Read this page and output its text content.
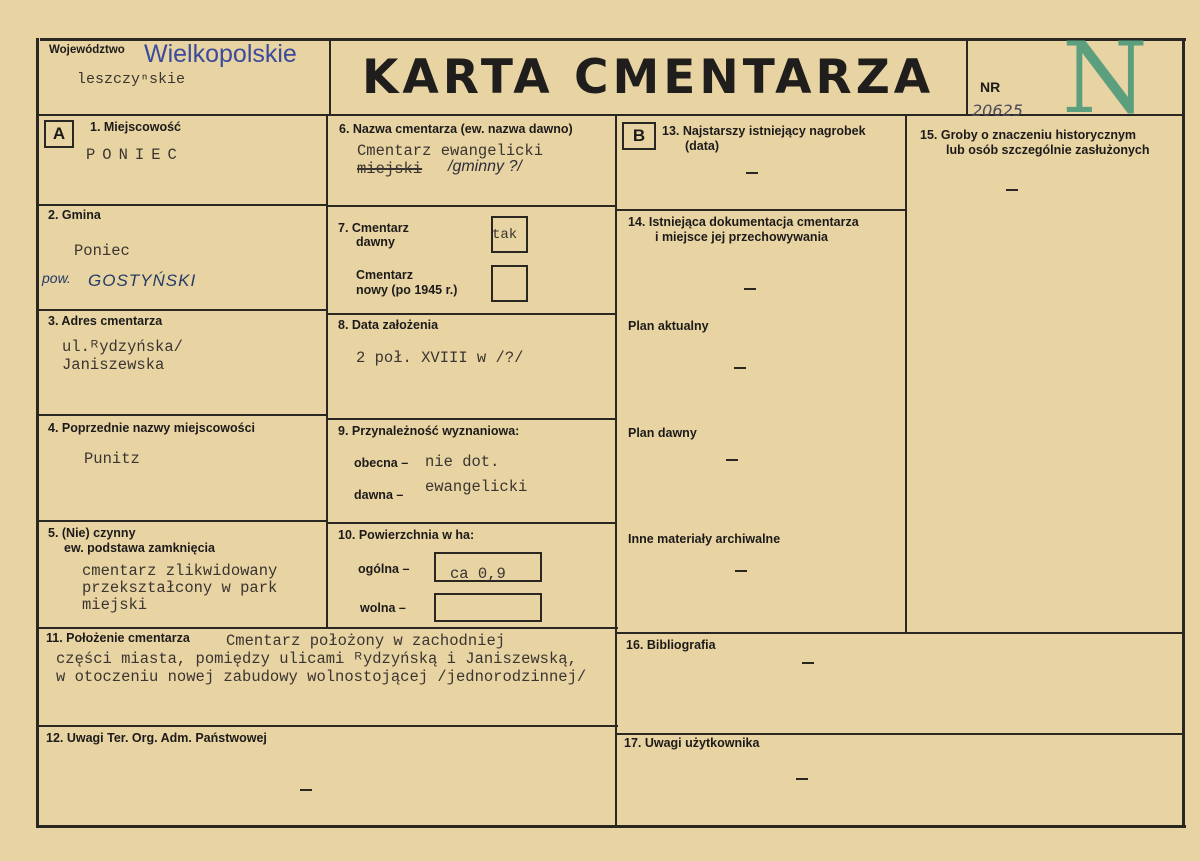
Województwo Wielkopolskie
leszczyⁿskie	KARTA CMENTARZA	NR
20625 N
A	B
1. Miejscowość
PONIEC
2. Gmina
Poniec
pow. GOSTYŃSKI
3. Adres cmentarza
ul.ᴿydzyńska/
Janiszewska
4. Poprzednie nazwy miejscowości
Punitz
5. (Nie) czynny
ew. podstawa zamknięcia
cmentarz zlikwidowany
przekształcony w park
miejski
6. Nazwa cmentarza (ew. nazwa dawno)
Cmentarz ewangelicki
miejski /gminny ?/
7. Cmentarz
dawny	tak
Cmentarz
nowy (po 1945 r.)
8. Data założenia
2 poł. XVIII w /?/
9. Przynależność wyznaniowa:
obecna – nie dot.
dawna – ewangelicki
10. Powierzchnia w ha:
ogólna –	ca 0,9
wolna –
11. Położenie cmentarza Cmentarz położony w zachodniej
części miasta, pomiędzy ulicami ᴿydzyńską i Janiszewską,
w otoczeniu nowej zabudowy wolnostojącej /jednorodzinnej/
12. Uwagi Ter. Org. Adm. Państwowej
13. Najstarszy istniejący nagrobek
(data)
14. Istniejąca dokumentacja cmentarza
i miejsce jej przechowywania
Plan aktualny
Plan dawny
Inne materiały archiwalne
15. Groby o znaczeniu historycznym
lub osób szczególnie zasłużonych
16. Bibliografia
17. Uwagi użytkownika
